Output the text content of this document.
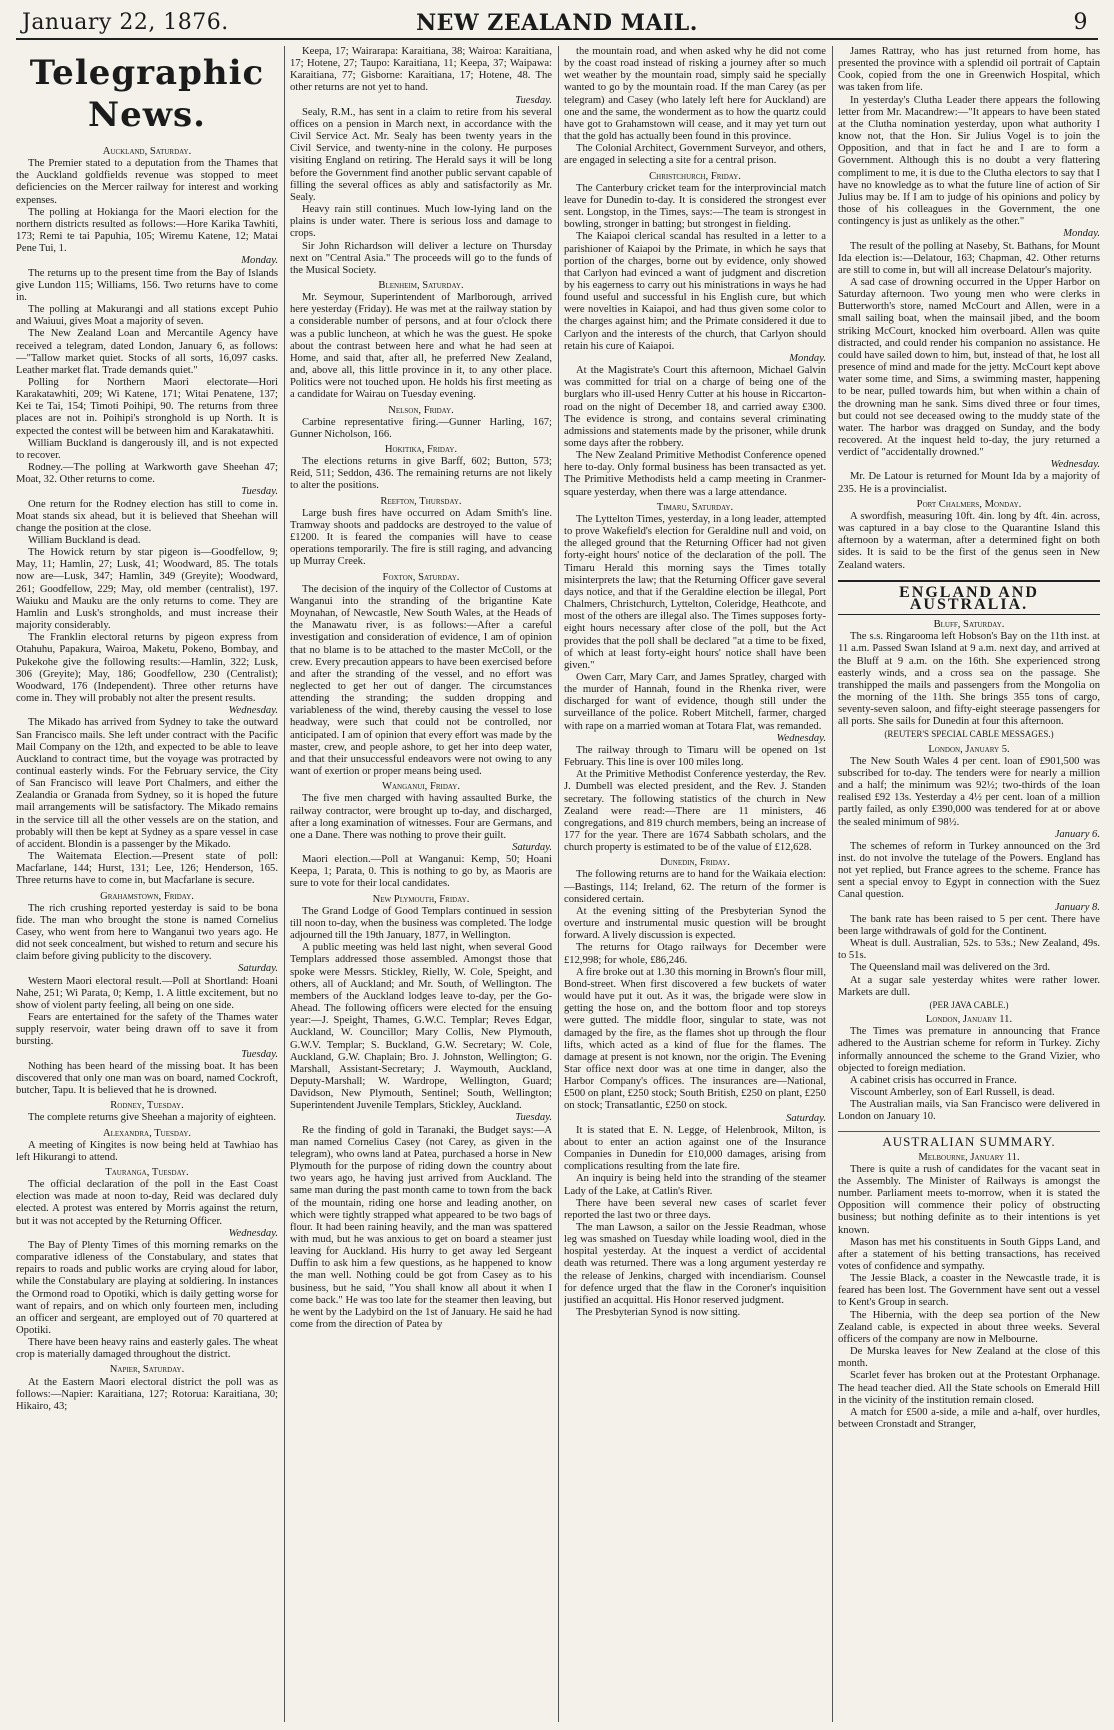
January 22, 1876.	NEW ZEALAND MAIL.	9
Telegraphic News.

Auckland, Saturday.

The Premier stated to a deputation from the Thames that the Auckland goldfields revenue was stopped to meet deficiencies on the Mercer railway for interest and working expenses.

The polling at Hokianga for the Maori election for the northern districts resulted as follows:—Hore Karika Tawhiti, 173; Remi te tai Papuhia, 105; Wiremu Katene, 12; Matai Pene Tui, 1.

Monday.

The returns up to the present time from the Bay of Islands give Lundon 115; Williams, 156. Two returns have to come in.

The polling at Makurangi and all stations except Puhio and Waiuui, gives Moat a majority of seven.

The New Zealand Loan and Mercantile Agency have received a telegram, dated London, January 6, as follows:—"Tallow market quiet. Stocks of all sorts, 16,097 casks. Leather market flat. Trade demands quiet."

Polling for Northern Maori electorate—Hori Karakatawhiti, 209; Wi Katene, 171; Witai Penatene, 137; Kei te Tai, 154; Timoti Poihipi, 90. The returns from three places are not in. Poihipi's stronghold is up North. It is expected the contest will be between him and Karakatawhiti.

William Buckland is dangerously ill, and is not expected to recover.

Rodney.—The polling at Warkworth gave Sheehan 47; Moat, 32. Other returns to come.

Tuesday.

One return for the Rodney election has still to come in. Moat stands six ahead, but it is believed that Sheehan will change the position at the close.

William Buckland is dead.

The Howick return by star pigeon is—Goodfellow, 9; May, 11; Hamlin, 27; Lusk, 41; Woodward, 85. The totals now are—Lusk, 347; Hamlin, 349 (Greyite); Woodward, 261; Goodfellow, 229; May, old member (centralist), 197. Waiuku and Mauku are the only returns to come. They are Hamlin and Lusk's strongholds, and must increase their majority considerably.

The Franklin electoral returns by pigeon express from Otahuhu, Papakura, Wairoa, Maketu, Pokeno, Bombay, and Pukekohe give the following results:—Hamlin, 322; Lusk, 306 (Greyite); May, 186; Goodfellow, 230 (Centralist); Woodward, 176 (Independent). Three other returns have come in. They will probably not alter the present results.

Wednesday.

The Mikado has arrived from Sydney to take the outward San Francisco mails. She left under contract with the Pacific Mail Company on the 12th, and expected to be able to leave Auckland to contract time, but the voyage was protracted by continual easterly winds. For the February service, the City of San Francisco will leave Port Chalmers, and either the Zealandia or Granada from Sydney, so it is hoped the future mail arrangements will be satisfactory. The Mikado remains in the service till all the other vessels are on the station, and probably will then be kept at Sydney as a spare vessel in case of accident. Blondin is a passenger by the Mikado.

The Waitemata Election.—Present state of poll: Macfarlane, 144; Hurst, 131; Lee, 126; Henderson, 165. Three returns have to come in, but Macfarlane is secure.

Grahamstown, Friday.

The rich crushing reported yesterday is said to be bona fide. The man who brought the stone is named Cornelius Casey, who went from here to Wanganui two years ago. He did not seek concealment, but wished to return and secure his claim before giving publicity to the discovery.

Saturday.

Western Maori electoral result.—Poll at Shortland: Hoani Nahe, 251; Wi Parata, 0; Kemp, 1. A little excitement, but no show of violent party feeling, all being on one side.

Fears are entertained for the safety of the Thames water supply reservoir, water being drawn off to save it from bursting.

Tuesday.

Nothing has been heard of the missing boat. It has been discovered that only one man was on board, named Cockroft, butcher, Tapu. It is believed that he is drowned.

Rodney, Tuesday.

The complete returns give Sheehan a majority of eighteen.

Alexandra, Tuesday.

A meeting of Kingites is now being held at Tawhiao has left Hikurangi to attend.

Tauranga, Tuesday.

The official declaration of the poll in the East Coast election was made at noon to-day, Reid was declared duly elected. A protest was entered by Morris against the return, but it was not accepted by the Returning Officer.

Wednesday.

The Bay of Plenty Times of this morning remarks on the comparative idleness of the Constabulary, and states that repairs to roads and public works are crying aloud for labor, while the Constabulary are playing at soldiering. In instances the Ormond road to Opotiki, which is daily getting worse for want of repairs, and on which only fourteen men, including an officer and sergeant, are employed out of 70 quartered at Opotiki.

There have been heavy rains and easterly gales. The wheat crop is materially damaged throughout the district.

Napier, Saturday.

At the Eastern Maori electoral district the poll was as follows:—Napier: Karaitiana, 127; Rotorua: Karaitiana, 30; Hikairo, 43;

Keepa, 17; Wairarapa: Karaitiana, 38; Wairoa: Karaitiana, 17; Hotene, 27; Taupo: Karaitiana, 11; Keepa, 37; Waipawa: Karaitiana, 77; Gisborne: Karaitiana, 17; Hotene, 48. The other returns are not yet to hand.

Tuesday.

Sealy, R.M., has sent in a claim to retire from his several offices on a pension in March next, in accordance with the Civil Service Act. Mr. Sealy has been twenty years in the Civil Service, and twenty-nine in the colony. He purposes visiting England on retiring. The Herald says it will be long before the Government find another public servant capable of filling the several offices as ably and satisfactorily as Mr. Sealy.

Heavy rain still continues. Much low-lying land on the plains is under water. There is serious loss and damage to crops.

Sir John Richardson will deliver a lecture on Thursday next on "Central Asia." The proceeds will go to the funds of the Musical Society.

Blenheim, Saturday.

Mr. Seymour, Superintendent of Marlborough, arrived here yesterday (Friday). He was met at the railway station by a considerable number of persons, and at four o'clock there was a public luncheon, at which he was the guest. He spoke about the contrast between here and what he had seen at Home, and said that, after all, he preferred New Zealand, and, above all, this little province in it, to any other place. Politics were not touched upon. He holds his first meeting as a candidate for Wairau on Tuesday evening.

Nelson, Friday.

Carbine representative firing.—Gunner Harling, 167; Gunner Nicholson, 166.

Hokitika, Friday.

The elections returns in give Barff, 602; Button, 573; Reid, 511; Seddon, 436. The remaining returns are not likely to alter the positions.

Reefton, Thursday.

Large bush fires have occurred on Adam Smith's line. Tramway shoots and paddocks are destroyed to the value of £1200. It is feared the companies will have to cease operations temporarily. The fire is still raging, and advancing up Murray Creek.

Foxton, Saturday.

The decision of the inquiry of the Collector of Customs at Wanganui into the stranding of the brigantine Kate Moynahan, of Newcastle, New South Wales, at the Heads of the Manawatu river, is as follows:—After a careful investigation and consideration of evidence, I am of opinion that no blame is to be attached to the master McColl, or the crew. Every precaution appears to have been exercised before and after the stranding of the vessel, and no effort was neglected to get her out of danger. The circumstances attending the stranding; the sudden dropping and variableness of the wind, thereby causing the vessel to lose headway, were such that could not be controlled, nor anticipated. I am of opinion that every effort was made by the master, crew, and people ashore, to get her into deep water, and that their unsuccessful endeavors were not owing to any want of exertion or proper means being used.

Wanganui, Friday.

The five men charged with having assaulted Burke, the railway contractor, were brought up to-day, and discharged, after a long examination of witnesses. Four are Germans, and one a Dane. There was nothing to prove their guilt.

Saturday.

Maori election.—Poll at Wanganui: Kemp, 50; Hoani Keepa, 1; Parata, 0. This is nothing to go by, as Maoris are sure to vote for their local candidates.

New Plymouth, Friday.

The Grand Lodge of Good Templars continued in session till noon to-day, when the business was completed. The lodge adjourned till the 19th January, 1877, in Wellington.

A public meeting was held last night, when several Good Templars addressed those assembled. Amongst those that spoke were Messrs. Stickley, Rielly, W. Cole, Speight, and others, all of Auckland; and Mr. South, of Wellington. The members of the Auckland lodges leave to-day, per the Go-Ahead. The following officers were elected for the ensuing year:—J. Speight, Thames, G.W.C. Templar; Reves Edgar, Auckland, W. Councillor; Mary Collis, New Plymouth, G.W.V. Templar; S. Buckland, G.W. Secretary; W. Cole, Auckland, G.W. Chaplain; Bro. J. Johnston, Wellington; G. Marshall, Assistant-Secretary; J. Waymouth, Auckland, Deputy-Marshall; W. Wardrope, Wellington, Guard; Davidson, New Plymouth, Sentinel; South, Wellington; Superintendent Juvenile Templars, Stickley, Auckland.

Tuesday.

Re the finding of gold in Taranaki, the Budget says:—A man named Cornelius Casey (not Carey, as given in the telegram), who owns land at Patea, purchased a horse in New Plymouth for the purpose of riding down the country about two years ago, he having just arrived from Auckland. The same man during the past month came to town from the back of the mountain, riding one horse and leading another, on which were tightly strapped what appeared to be two bags of flour. It had been raining heavily, and the man was spattered with mud, but he was anxious to get on board a steamer just leaving for Auckland. His hurry to get away led Sergeant Duffin to ask him a few questions, as he happened to know the man well. Nothing could be got from Casey as to his business, but he said, "You shall know all about it when I come back." He was too late for the steamer then leaving, but he went by the Ladybird on the 1st of January. He said he had come from the direction of Patea by

the mountain road, and when asked why he did not come by the coast road instead of risking a journey after so much wet weather by the mountain road, simply said he specially wanted to go by the mountain road. If the man Carey (as per telegram) and Casey (who lately left here for Auckland) are one and the same, the wonderment as to how the quartz could have got to Grahamstown will cease, and it may yet turn out that the gold has actually been found in this province.

The Colonial Architect, Government Surveyor, and others, are engaged in selecting a site for a central prison.

Christchurch, Friday.

The Canterbury cricket team for the interprovincial match leave for Dunedin to-day. It is considered the strongest ever sent. Longstop, in the Times, says:—The team is strongest in bowling, stronger in batting; but strongest in fielding.

The Kaiapoi clerical scandal has resulted in a letter to a parishioner of Kaiapoi by the Primate, in which he says that portion of the charges, borne out by evidence, only showed that Carlyon had evinced a want of judgment and discretion by his eagerness to carry out his ministrations in ways he had found useful and successful in his English cure, but which were novelties in Kaiapoi, and had thus given some color to the charges against him; and the Primate considered it due to Carlyon and the interests of the church, that Carlyon should retain his cure of Kaiapoi.

Monday.

At the Magistrate's Court this afternoon, Michael Galvin was committed for trial on a charge of being one of the burglars who ill-used Henry Cutter at his house in Riccarton-road on the night of December 18, and carried away £300. The evidence is strong, and contains several criminating admissions and statements made by the prisoner, while drunk some days after the robbery.

The New Zealand Primitive Methodist Conference opened here to-day. Only formal business has been transacted as yet. The Primitive Methodists held a camp meeting in Cranmer-square yesterday, when there was a large attendance.

Timaru, Saturday.

The Lyttelton Times, yesterday, in a long leader, attempted to prove Wakefield's election for Geraldine null and void, on the alleged ground that the Returning Officer had not given forty-eight hours' notice of the declaration of the poll. The Timaru Herald this morning says the Times totally misinterprets the law; that the Returning Officer gave several days notice, and that if the Geraldine election be illegal, Port Chalmers, Christchurch, Lyttelton, Coleridge, Heathcote, and most of the others are illegal also. The Times supposes forty-eight hours necessary after close of the poll, but the Act provides that the poll shall be declared "at a time to be fixed, of which at least forty-eight hours' notice shall have been given."

Owen Carr, Mary Carr, and James Spratley, charged with the murder of Hannah, found in the Rhenka river, were discharged for want of evidence, though still under the surveillance of the police. Robert Mitchell, farmer, charged with rape on a married woman at Totara Flat, was remanded.

Wednesday.

The railway through to Timaru will be opened on 1st February. This line is over 100 miles long.

At the Primitive Methodist Conference yesterday, the Rev. J. Dumbell was elected president, and the Rev. J. Standen secretary. The following statistics of the church in New Zealand were read:—There are 11 ministers, 46 congregations, and 819 church members, being an increase of 177 for the year. There are 1674 Sabbath scholars, and the church property is estimated to be of the value of £12,628.

Dunedin, Friday.

The following returns are to hand for the Waikaia election:—Bastings, 114; Ireland, 62. The return of the former is considered certain.

At the evening sitting of the Presbyterian Synod the overture and instrumental music question will be brought forward. A lively discussion is expected.

The returns for Otago railways for December were £12,998; for whole, £86,246.

A fire broke out at 1.30 this morning in Brown's flour mill, Bond-street. When first discovered a few buckets of water would have put it out. As it was, the brigade were slow in getting the hose on, and the bottom floor and top storeys were gutted. The middle floor, singular to state, was not damaged by the fire, as the flames shot up through the flour lifts, which acted as a kind of flue for the flames. The damage at present is not known, nor the origin. The Evening Star office next door was at one time in danger, also the Harbor Company's offices. The insurances are—National, £500 on plant, £250 stock; South British, £250 on plant, £250 on stock; Transatlantic, £250 on stock.

Saturday.

It is stated that E. N. Legge, of Helenbrook, Milton, is about to enter an action against one of the Insurance Companies in Dunedin for £10,000 damages, arising from complications resulting from the late fire.

An inquiry is being held into the stranding of the steamer Lady of the Lake, at Catlin's River.

There have been several new cases of scarlet fever reported the last two or three days.

The man Lawson, a sailor on the Jessie Readman, whose leg was smashed on Tuesday while loading wool, died in the hospital yesterday. At the inquest a verdict of accidental death was returned. There was a long argument yesterday re the release of Jenkins, charged with incendiarism. Counsel for defence urged that the flaw in the Coroner's inquisition justified an acquittal. His Honor reserved judgment.

The Presbyterian Synod is now sitting.

James Rattray, who has just returned from home, has presented the province with a splendid oil portrait of Captain Cook, copied from the one in Greenwich Hospital, which was taken from life.

In yesterday's Clutha Leader there appears the following letter from Mr. Macandrew:—"It appears to have been stated at the Clutha nomination yesterday, upon what authority I know not, that the Hon. Sir Julius Vogel is to join the Opposition, and that in fact he and I are to form a Government. Although this is no doubt a very flattering compliment to me, it is due to the Clutha electors to say that I have no knowledge as to what the future line of action of Sir Julius may be. If I am to judge of his opinions and policy by those of his colleagues in the Government, the one contingency is just as unlikely as the other."

Monday.

The result of the polling at Naseby, St. Bathans, for Mount Ida election is:—Delatour, 163; Chapman, 42. Other returns are still to come in, but will all increase Delatour's majority.

A sad case of drowning occurred in the Upper Harbor on Saturday afternoon. Two young men who were clerks in Butterworth's store, named McCourt and Allen, were in a small sailing boat, when the mainsail jibed, and the boom striking McCourt, knocked him overboard. Allen was quite distracted, and could render his companion no assistance. He could have sailed down to him, but, instead of that, he lost all presence of mind and made for the jetty. McCourt kept above water some time, and Sims, a swimming master, happening to be near, pulled towards him, but when within a chain of the drowning man he sank. Sims dived three or four times, but could not see deceased owing to the muddy state of the water. The harbor was dragged on Sunday, and the body recovered. At the inquest held to-day, the jury returned a verdict of "accidentally drowned."

Wednesday.

Mr. De Latour is returned for Mount Ida by a majority of 235. He is a provincialist.

Port Chalmers, Monday.

A swordfish, measuring 10ft. 4in. long by 4ft. 4in. across, was captured in a bay close to the Quarantine Island this afternoon by a waterman, after a determined fight on both sides. It is said to be the first of the genus seen in New Zealand waters.

ENGLAND AND AUSTRALIA.

Bluff, Saturday.

The s.s. Ringarooma left Hobson's Bay on the 11th inst. at 11 a.m. Passed Swan Island at 9 a.m. next day, and arrived at the Bluff at 9 a.m. on the 16th. She experienced strong easterly winds, and a cross sea on the passage. She transhipped the mails and passengers from the Mongolia on the morning of the 11th. She brings 355 tons of cargo, seventy-seven saloon, and fifty-eight steerage passengers for all ports. She sails for Dunedin at four this afternoon.

(REUTER'S SPECIAL CABLE MESSAGES.)

London, January 5.

The New South Wales 4 per cent. loan of £901,500 was subscribed for to-day. The tenders were for nearly a million and a half; the minimum was 92½; two-thirds of the loan realised £92 13s. Yesterday a 4½ per cent. loan of a million partly failed, as only £390,000 was tendered for at or above the sealed minimum of 98½.

January 6.

The schemes of reform in Turkey announced on the 3rd inst. do not involve the tutelage of the Powers. England has not yet replied, but France agrees to the scheme. France has sent a special envoy to Egypt in connection with the Suez Canal question.

January 8.

The bank rate has been raised to 5 per cent. There have been large withdrawals of gold for the Continent.

Wheat is dull. Australian, 52s. to 53s.; New Zealand, 49s. to 51s.

The Queensland mail was delivered on the 3rd.

At a sugar sale yesterday whites were rather lower. Markets are dull.

(PER JAVA CABLE.)

London, January 11.

The Times was premature in announcing that France adhered to the Austrian scheme for reform in Turkey. Zichy informally announced the scheme to the Grand Vizier, who objected to foreign mediation.

A cabinet crisis has occurred in France.

Viscount Amberley, son of Earl Russell, is dead.

The Australian mails, via San Francisco were delivered in London on January 10.

AUSTRALIAN SUMMARY.

Melbourne, January 11.

There is quite a rush of candidates for the vacant seat in the Assembly. The Minister of Railways is amongst the number. Parliament meets to-morrow, when it is stated the Opposition will commence their policy of obstructing business; but nothing definite as to their intentions is yet known.

Mason has met his constituents in South Gipps Land, and after a statement of his betting transactions, has received votes of confidence and sympathy.

The Jessie Black, a coaster in the Newcastle trade, it is feared has been lost. The Government have sent out a vessel to Kent's Group in search.

The Hibernia, with the deep sea portion of the New Zealand cable, is expected in about three weeks. Several officers of the company are now in Melbourne.

De Murska leaves for New Zealand at the close of this month.

Scarlet fever has broken out at the Protestant Orphanage. The head teacher died. All the State schools on Emerald Hill in the vicinity of the institution remain closed.

A match for £500 a-side, a mile and a-half, over hurdles, between Cronstadt and Stranger,
